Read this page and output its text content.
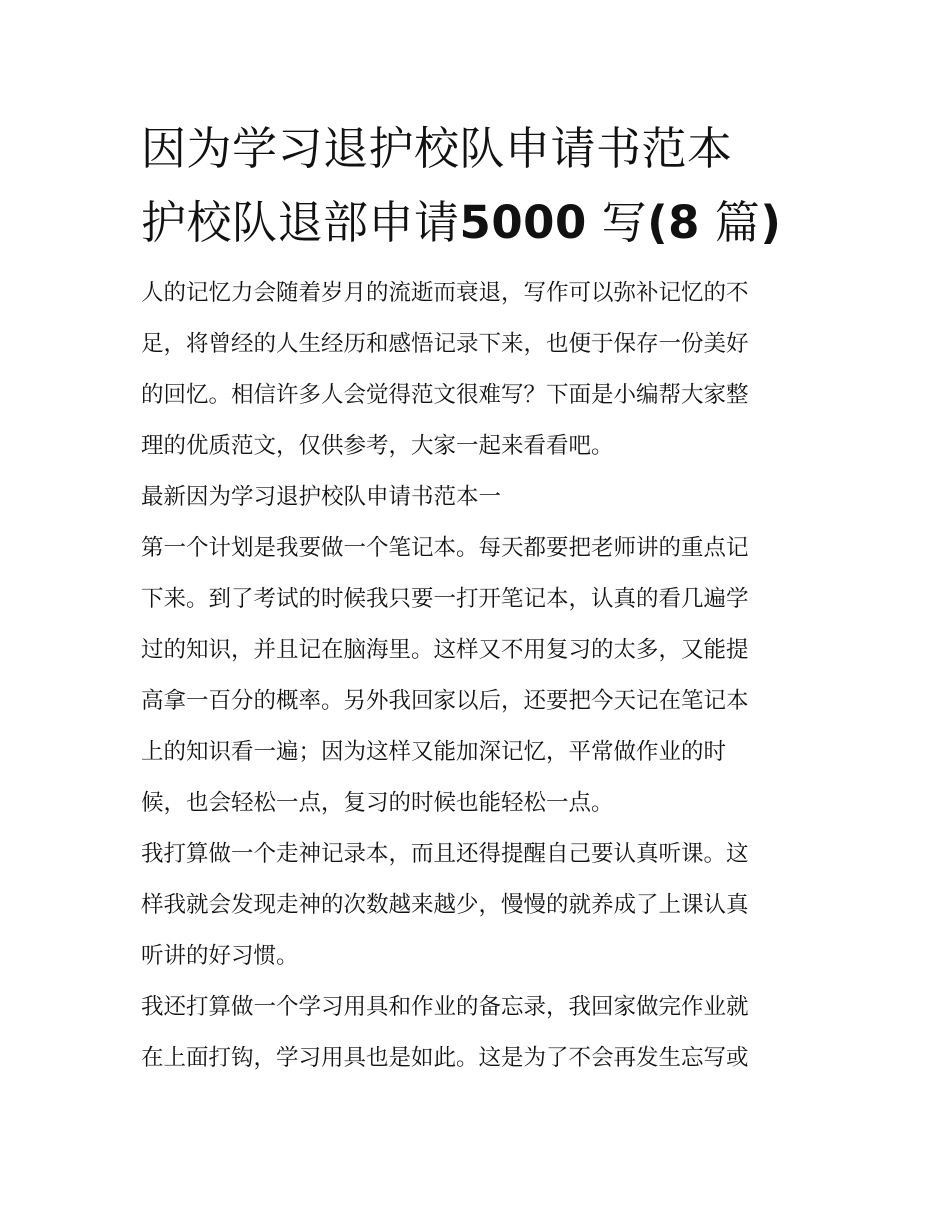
因为学习退护校队申请书范本
护校队退部申请5000 写(8 篇)

人的记忆力会随着岁月的流逝而衰退，写作可以弥补记忆的不
足，将曾经的人生经历和感悟记录下来，也便于保存一份美好
的回忆。相信许多人会觉得范文很难写？下面是小编帮大家整
理的优质范文，仅供参考，大家一起来看看吧。

最新因为学习退护校队申请书范本一

第一个计划是我要做一个笔记本。每天都要把老师讲的重点记
下来。到了考试的时候我只要一打开笔记本，认真的看几遍学
过的知识，并且记在脑海里。这样又不用复习的太多，又能提
高拿一百分的概率。另外我回家以后，还要把今天记在笔记本
上的知识看一遍；因为这样又能加深记忆，平常做作业的时
候，也会轻松一点，复习的时候也能轻松一点。

我打算做一个走神记录本，而且还得提醒自己要认真听课。这
样我就会发现走神的次数越来越少，慢慢的就养成了上课认真
听讲的好习惯。

我还打算做一个学习用具和作业的备忘录，我回家做完作业就
在上面打钩，学习用具也是如此。这是为了不会再发生忘写或
